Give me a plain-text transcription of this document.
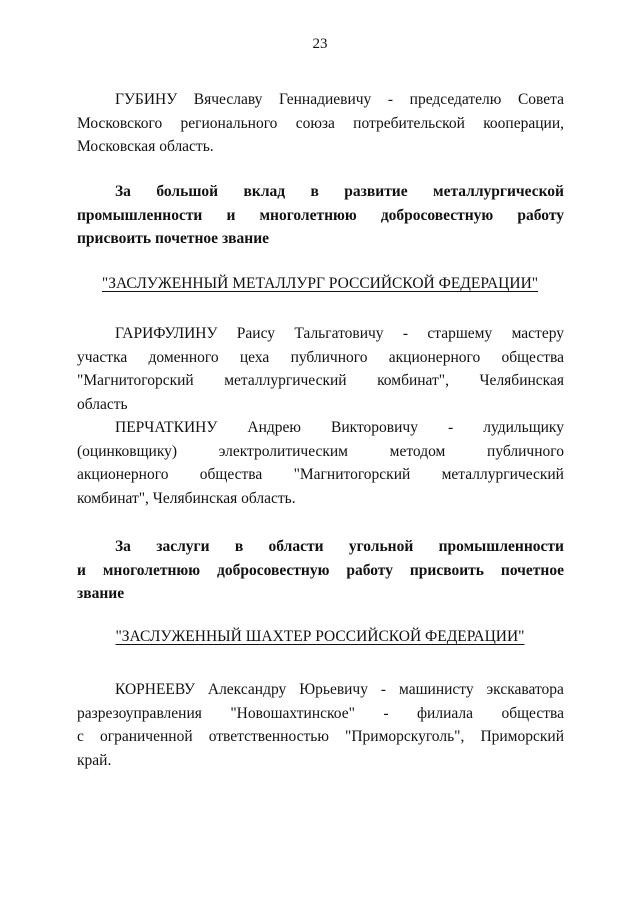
23
ГУБИНУ Вячеславу Геннадиевичу - председателю Совета
Московского регионального союза потребительской кооперации,
Московская область.
За большой вклад в развитие металлургической
промышленности и многолетнюю добросовестную работу
присвоить почетное звание
"ЗАСЛУЖЕННЫЙ МЕТАЛЛУРГ РОССИЙСКОЙ ФЕДЕРАЦИИ"
ГАРИФУЛИНУ Раису Тальгатовичу - старшему мастеру
участка доменного цеха публичного акционерного общества
"Магнитогорский металлургический комбинат", Челябинская
область
ПЕРЧАТКИНУ Андрею Викторовичу - лудильщику
(оцинковщику)	электролитическим	методом	публичного
акционерного общества "Магнитогорский металлургический
комбинат", Челябинская область.
За заслуги в области угольной промышленности
и многолетнюю добросовестную работу присвоить почетное
звание
"ЗАСЛУЖЕННЫЙ ШАХТЕР РОССИЙСКОЙ ФЕДЕРАЦИИ"
КОРНЕЕВУ Александру Юрьевичу - машинисту экскаватора
разрезоуправления "Новошахтинское" - филиала общества
с ограниченной ответственностью "Приморскуголь", Приморский
край.
